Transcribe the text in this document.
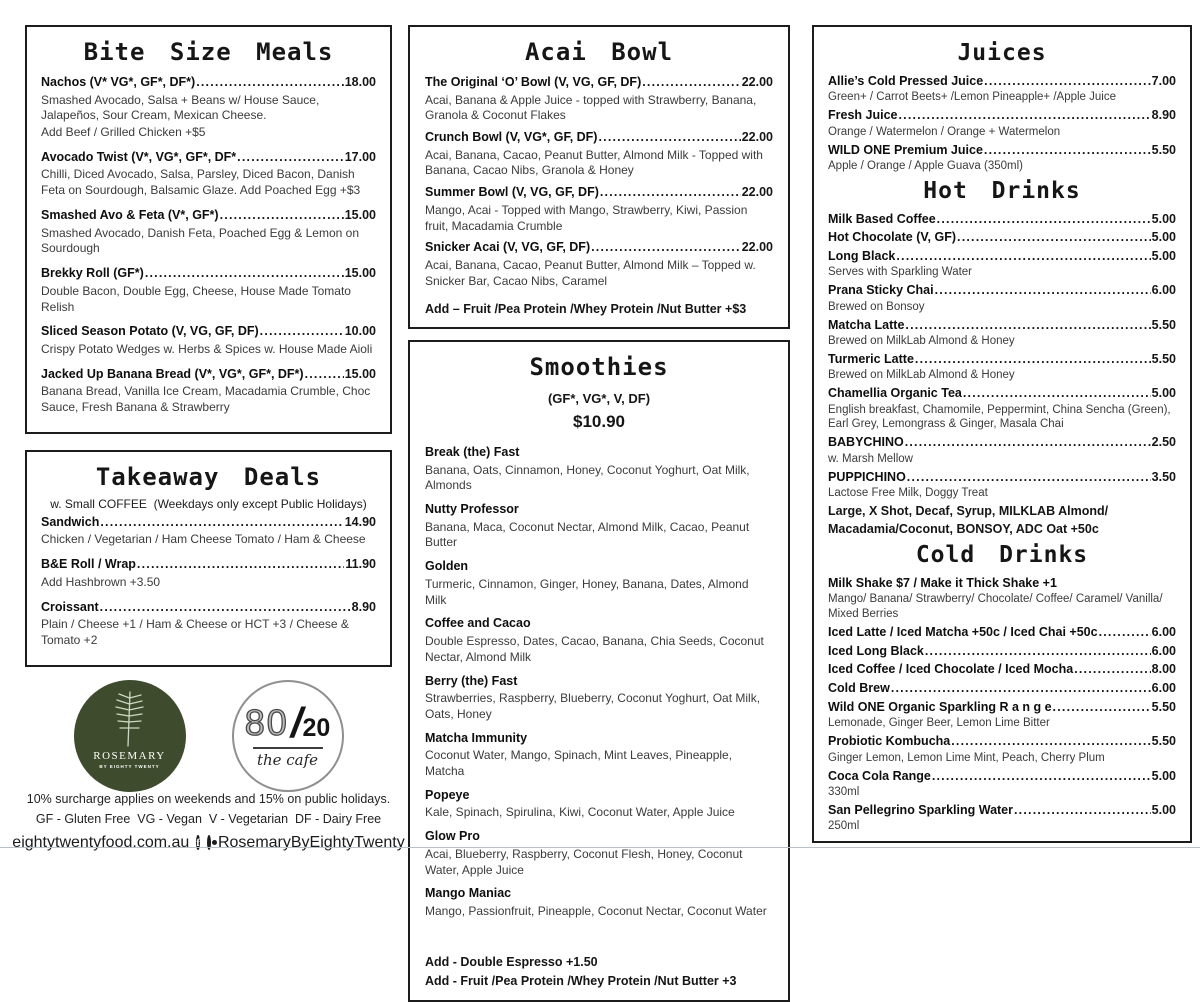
Bite Size Meals
Nachos (V* VG*, GF*, DF*) .....	18.00
Smashed Avocado, Salsa + Beans w/ House Sauce, Jalapeños, Sour Cream, Mexican Cheese.
Add Beef / Grilled Chicken +$5
Avocado Twist (V*, VG*, GF*, DF* .....	17.00
Chilli, Diced Avocado, Salsa, Parsley, Diced Bacon, Danish Feta on Sourdough, Balsamic Glaze. Add Poached Egg +$3
Smashed Avo & Feta (V*, GF*) .....	15.00
Smashed Avocado, Danish Feta, Poached Egg & Lemon on Sourdough
Brekky Roll (GF*) .....	15.00
Double Bacon, Double Egg, Cheese, House Made Tomato Relish
Sliced Season Potato (V, VG, GF, DF) .....	10.00
Crispy Potato Wedges w. Herbs & Spices w. House Made Aioli
Jacked Up Banana Bread (V*, VG*, GF*, DF*) .....	15.00
Banana Bread, Vanilla Ice Cream, Macadamia Crumble, Choc Sauce, Fresh Banana & Strawberry
Takeaway Deals
w. Small COFFEE  (Weekdays only except Public Holidays)
Sandwich .....	14.90
Chicken / Vegetarian / Ham Cheese Tomato / Ham & Cheese
B&E Roll / Wrap .....	11.90
Add Hashbrown +3.50
Croissant .....	8.90
Plain / Cheese +1 / Ham & Cheese or HCT +3 / Cheese & Tomato +2
ROSEMARY
BY EIGHTY TWENTY
80 / 20
the cafe
10% surcharge applies on weekends and 15% on public holidays.
GF - Gluten Free  VG - Vegan  V - Vegetarian  DF - Dairy Free
eightytwentyfood.com.au f RosemaryByEightyTwenty
Acai Bowl
The Original ‘O’ Bowl (V, VG, GF, DF) .....	22.00
Acai, Banana & Apple Juice - topped with Strawberry, Banana, Granola & Coconut Flakes
Crunch Bowl (V, VG*, GF, DF) .....	22.00
Acai, Banana, Cacao, Peanut Butter, Almond Milk - Topped with Banana, Cacao Nibs, Granola & Honey
Summer Bowl (V, VG, GF, DF) .....	22.00
Mango, Acai - Topped with Mango, Strawberry, Kiwi, Passion fruit, Macadamia Crumble
Snicker Acai (V, VG, GF, DF) .....	22.00
Acai, Banana, Cacao, Peanut Butter, Almond Milk – Topped w. Snicker Bar, Cacao Nibs, Caramel
Add – Fruit /Pea Protein /Whey Protein /Nut Butter +$3
Smoothies
(GF*, VG*, V, DF)
$10.90
Break (the) Fast
Banana, Oats, Cinnamon, Honey, Coconut Yoghurt, Oat Milk, Almonds
Nutty Professor
Banana, Maca, Coconut Nectar, Almond Milk, Cacao, Peanut Butter
Golden
Turmeric, Cinnamon, Ginger, Honey, Banana, Dates, Almond Milk
Coffee and Cacao
Double Espresso, Dates, Cacao, Banana, Chia Seeds, Coconut Nectar, Almond Milk
Berry (the) Fast
Strawberries, Raspberry, Blueberry, Coconut Yoghurt, Oat Milk, Oats, Honey
Matcha Immunity
Coconut Water, Mango, Spinach, Mint Leaves, Pineapple, Matcha
Popeye
Kale, Spinach, Spirulina, Kiwi, Coconut Water, Apple Juice
Glow Pro
Acai, Blueberry, Raspberry, Coconut Flesh, Honey, Coconut Water, Apple Juice
Mango Maniac
Mango, Passionfruit, Pineapple, Coconut Nectar, Coconut Water
Add - Double Espresso +1.50
Add - Fruit /Pea Protein /Whey Protein /Nut Butter +3
Juices
Allie’s Cold Pressed Juice .....	7.00
Green+ / Carrot Beets+ /Lemon Pineapple+ /Apple Juice
Fresh Juice .....	8.90
Orange / Watermelon / Orange + Watermelon
WILD ONE Premium Juice .....	5.50
Apple / Orange / Apple Guava (350ml)
Hot Drinks
Milk Based Coffee .....	5.00
Hot Chocolate (V, GF) .....	5.00
Long Black .....	5.00
Serves with Sparkling Water
Prana Sticky Chai .....	6.00
Brewed on Bonsoy
Matcha Latte .....	5.50
Brewed on MilkLab Almond & Honey
Turmeric Latte .....	5.50
Brewed on MilkLab Almond & Honey
Chamellia Organic Tea .....	5.00
English breakfast, Chamomile, Peppermint, China Sencha (Green), Earl Grey, Lemongrass & Ginger, Masala Chai
BABYCHINO .....	2.50
w. Marsh Mellow
PUPPICHINO .....	3.50
Lactose Free Milk, Doggy Treat
Large, X Shot, Decaf, Syrup, MILKLAB Almond/ Macadamia/Coconut, BONSOY, ADC Oat +50c
Cold Drinks
Milk Shake $7 / Make it Thick Shake +1
Mango/ Banana/ Strawberry/ Chocolate/ Coffee/ Caramel/ Vanilla/ Mixed Berries
Iced Latte / Iced Matcha +50c / Iced Chai +50c .....	6.00
Iced Long Black .....	6.00
Iced Coffee / Iced Chocolate / Iced Mocha .....	8.00
Cold Brew .....	6.00
Wild ONE Organic Sparkling R a n g e .....	5.50
Lemonade, Ginger Beer, Lemon Lime Bitter
Probiotic Kombucha .....	5.50
Ginger Lemon, Lemon Lime Mint, Peach, Cherry Plum
Coca Cola Range .....	5.00
330ml
San Pellegrino Sparkling Water .....	5.00
250ml
